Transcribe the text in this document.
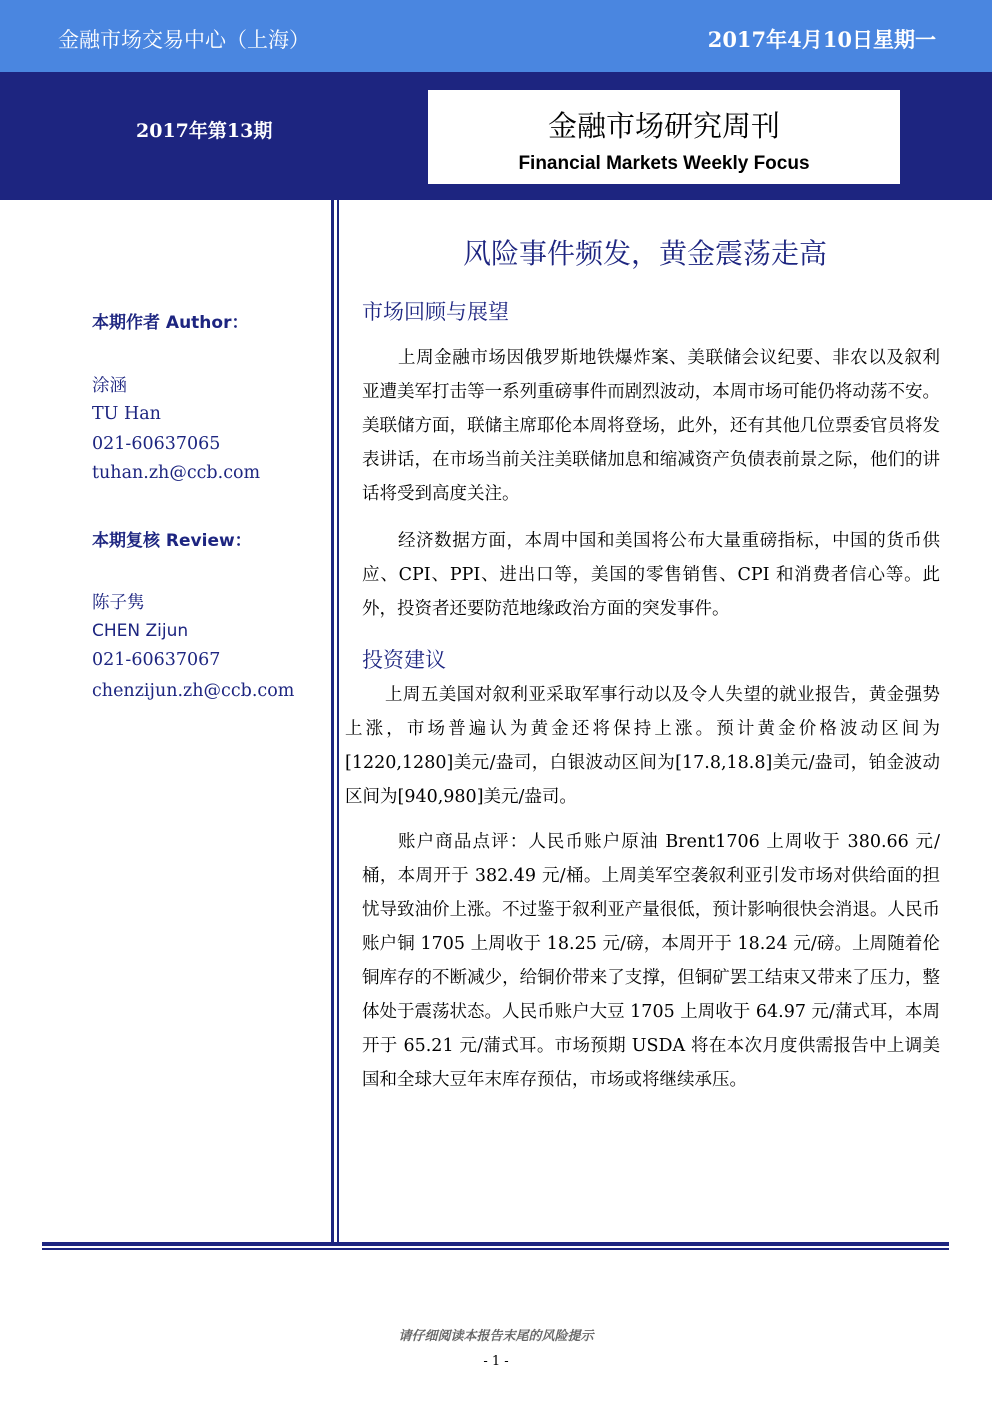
金融市场交易中心（上海）	2017年4月10日星期一
2017年第13期	金融市场研究周刊
Financial Markets Weekly Focus
本期作者 Author：
涂涵
TU Han
021-60637065
tuhan.zh@ccb.com
本期复核 Review：
陈子隽
CHEN Zijun
021-60637067
chenzijun.zh@ccb.com
风险事件频发，黄金震荡走高
市场回顾与展望

上周金融市场因俄罗斯地铁爆炸案、美联储会议纪要、非农以及叙利亚遭美军打击等一系列重磅事件而剧烈波动，本周市场可能仍将动荡不安。美联储方面，联储主席耶伦本周将登场，此外，还有其他几位票委官员将发表讲话，在市场当前关注美联储加息和缩减资产负债表前景之际，他们的讲话将受到高度关注。

经济数据方面，本周中国和美国将公布大量重磅指标，中国的货币供应、CPI、PPI、进出口等，美国的零售销售、CPI 和消费者信心等。此外，投资者还要防范地缘政治方面的突发事件。

投资建议

上周五美国对叙利亚采取军事行动以及令人失望的就业报告，黄金强势上涨，市场普遍认为黄金还将保持上涨。预计黄金价格波动区间为[1220,1280]美元/盎司，白银波动区间为[17.8,18.8]美元/盎司，铂金波动区间为[940,980]美元/盎司。

账户商品点评：人民币账户原油 Brent1706 上周收于 380.66 元/桶，本周开于 382.49 元/桶。上周美军空袭叙利亚引发市场对供给面的担忧导致油价上涨。不过鉴于叙利亚产量很低，预计影响很快会消退。人民币账户铜 1705 上周收于 18.25 元/磅，本周开于 18.24 元/磅。上周随着伦铜库存的不断减少，给铜价带来了支撑，但铜矿罢工结束又带来了压力，整体处于震荡状态。人民币账户大豆 1705 上周收于 64.97 元/蒲式耳，本周开于 65.21 元/蒲式耳。市场预期 USDA 将在本次月度供需报告中上调美国和全球大豆年末库存预估，市场或将继续承压。

请仔细阅读本报告末尾的风险提示
- 1 -
